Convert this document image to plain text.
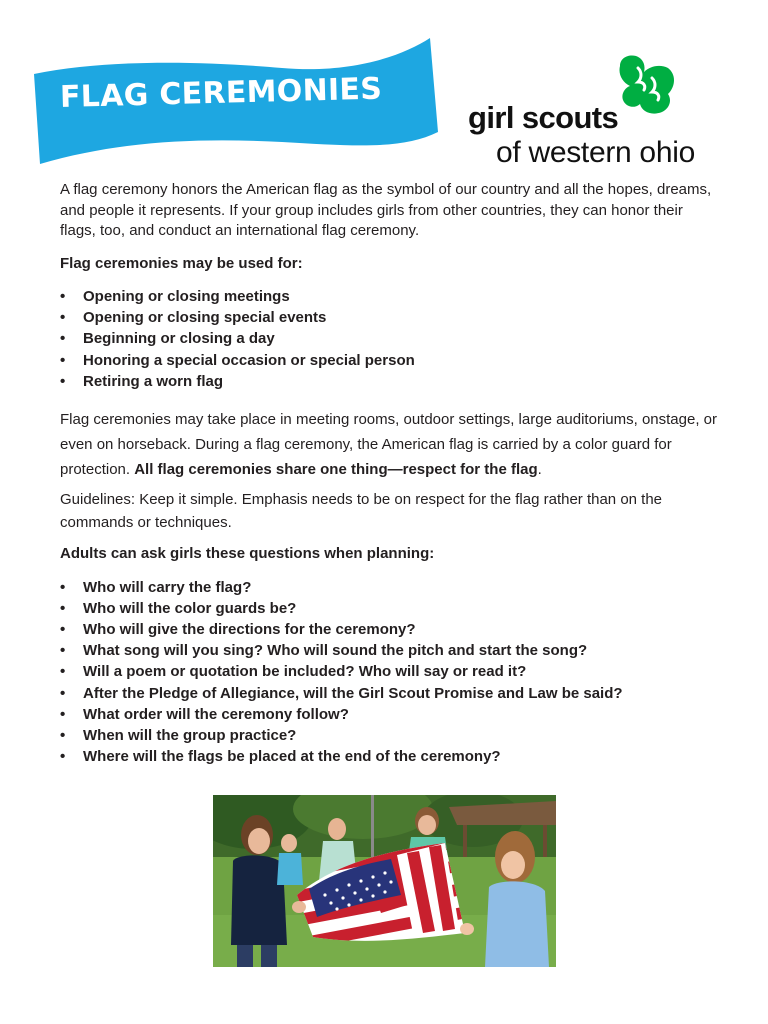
FLAG CEREMONIES
girl scouts
of western ohio

A flag ceremony honors the American flag as the symbol of our country and all the hopes, dreams, and people it represents. If your group includes girls from other countries, they can honor their flags, too, and conduct an international flag ceremony.

Flag ceremonies may be used for:

• Opening or closing meetings
• Opening or closing special events
• Beginning or closing a day
• Honoring a special occasion or special person
• Retiring a worn flag

Flag ceremonies may take place in meeting rooms, outdoor settings, large auditoriums, onstage, or even on horseback. During a flag ceremony, the American flag is carried by a color guard for protection. All flag ceremonies share one thing—respect for the flag.

Guidelines: Keep it simple. Emphasis needs to be on respect for the flag rather than on the commands or techniques.

Adults can ask girls these questions when planning:

• Who will carry the flag?
• Who will the color guards be?
• Who will give the directions for the ceremony?
• What song will you sing? Who will sound the pitch and start the song?
• Will a poem or quotation be included? Who will say or read it?
• After the Pledge of Allegiance, will the Girl Scout Promise and Law be said?
• What order will the ceremony follow?
• When will the group practice?
• Where will the flags be placed at the end of the ceremony?
